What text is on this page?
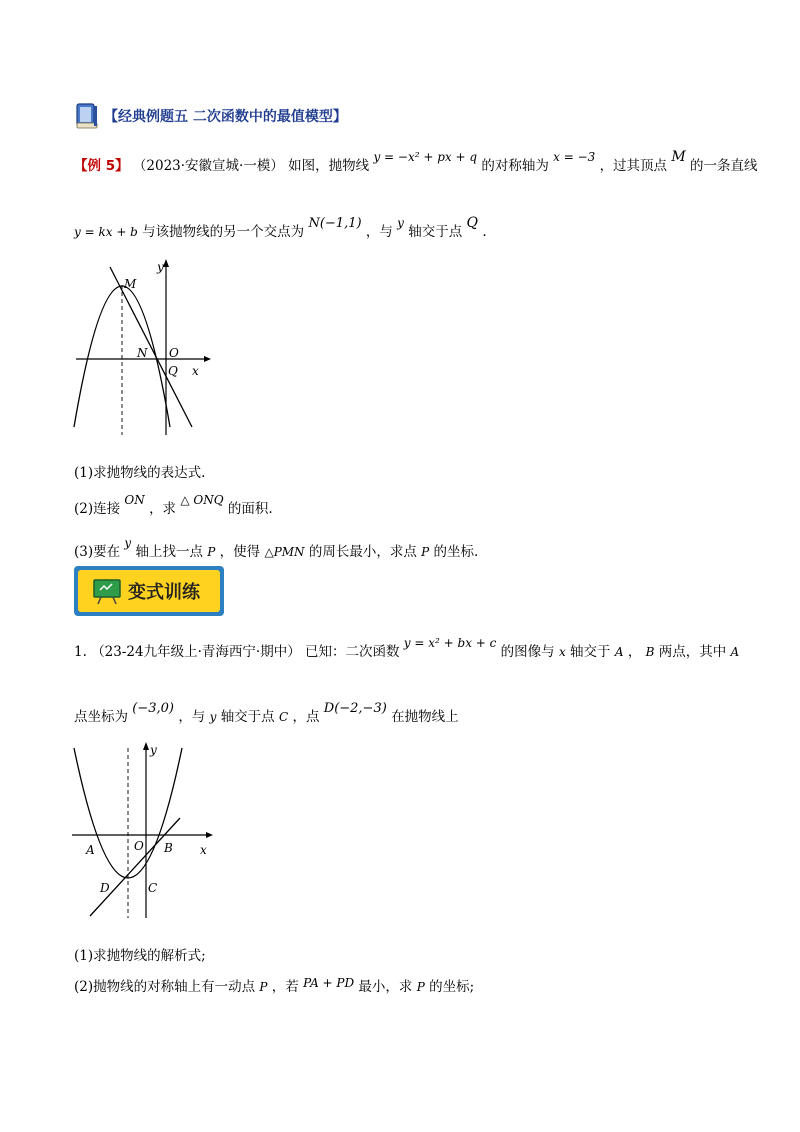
【经典例题五 二次函数中的最值模型】
【例 5】 （2023·安徽宣城·一模） 如图，抛物线 y = −x² + px + q 的对称轴为 x = −3 ，过其顶点 M 的一条直线
y = kx + b 与该抛物线的另一个交点为 N(−1,1) ，与 y 轴交于点 Q .
y
M
N O
Q x
(1)求抛物线的表达式.
(2)连接 ON ，求 △ ONQ 的面积.
(3)要在 y 轴上找一点 P ，使得 △PMN 的周长最小，求点 P 的坐标.
变式训练
1. （23-24九年级上·青海西宁·期中） 已知：二次函数 y = x² + bx + c 的图像与 x 轴交于 A ， B 两点，其中 A
点坐标为 (−3,0) ，与 y 轴交于点 C ，点 D(−2,−3) 在抛物线上
y
A	O B x
D	C
(1)求抛物线的解析式;
(2)抛物线的对称轴上有一动点 P ，若 PA + PD 最小，求 P 的坐标;
